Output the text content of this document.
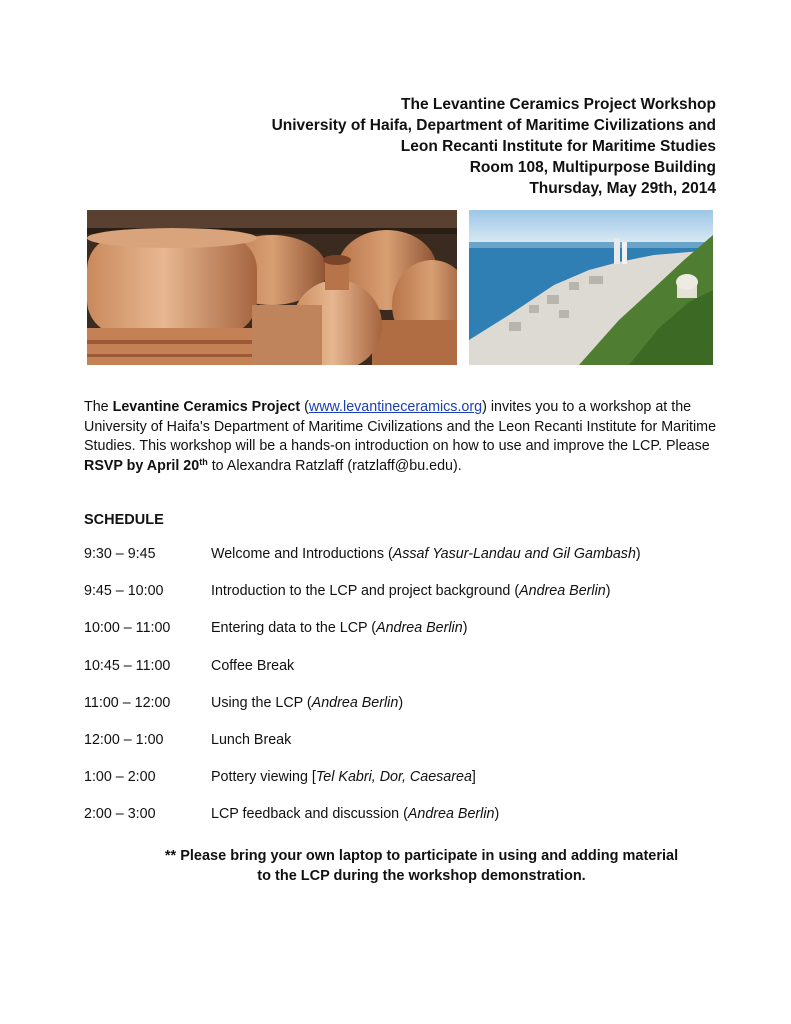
The Levantine Ceramics Project Workshop
University of Haifa, Department of Maritime Civilizations and
Leon Recanti Institute for Maritime Studies
Room 108, Multipurpose Building
Thursday, May 29th, 2014
The Levantine Ceramics Project (www.levantineceramics.org) invites you to a workshop at the University of Haifa's Department of Maritime Civilizations and the Leon Recanti Institute for Maritime Studies. This workshop will be a hands-on introduction on how to use and improve the LCP. Please RSVP by April 20th to Alexandra Ratzlaff (ratzlaff@bu.edu).
SCHEDULE
9:30 – 9:45	Welcome and Introductions (Assaf Yasur-Landau and Gil Gambash)
9:45 – 10:00	Introduction to the LCP and project background (Andrea Berlin)
10:00 – 11:00	Entering data to the LCP (Andrea Berlin)
10:45 – 11:00	Coffee Break
11:00 – 12:00	Using the LCP (Andrea Berlin)
12:00 – 1:00	Lunch Break
1:00 – 2:00	Pottery viewing [Tel Kabri, Dor, Caesarea]
2:00 – 3:00	LCP feedback and discussion (Andrea Berlin)
** Please bring your own laptop to participate in using and adding material
to the LCP during the workshop demonstration.
